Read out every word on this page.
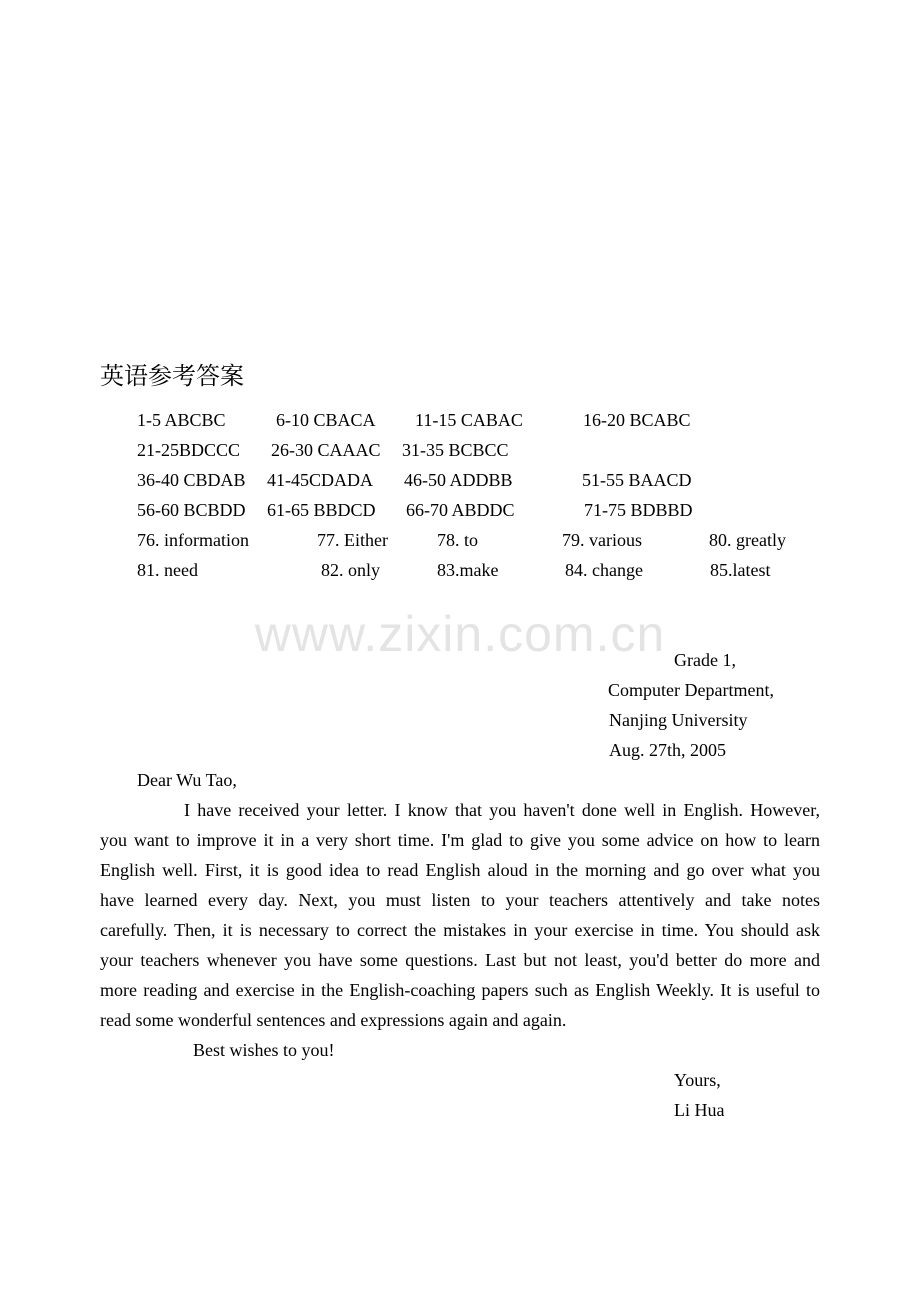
英语参考答案
1-5 ABCBC	6-10 CBACA 11-15 CABAC	16-20 BCABC
21-25BDCCC 26-30 CAAAC 31-35 BCBCC
36-40 CBDAB 41-45CDADA 46-50 ADDBB	51-55 BAACD
56-60 BCBDD 61-65 BBDCD 66-70 ABDDC	71-75 BDBBD
76. information	77. Either	78. to	79. various	80. greatly
81. need	82. only	83.make	84. change	85.latest
www.zixin.com.cn Grade 1,
Computer Department,
Nanjing University
Aug. 27th, 2005
Dear Wu Tao,
I have received your letter. I know that you haven't done well in English. However,
you want to improve it in a very short time. I'm glad to give you some advice on how to learn
English well. First, it is good idea to read English aloud in the morning and go over what you
have learned every day. Next, you must listen to your teachers attentively and take notes
carefully. Then, it is necessary to correct the mistakes in your exercise in time. You should ask
your teachers whenever you have some questions. Last but not least, you'd better do more and
more reading and exercise in the English-coaching papers such as English Weekly. It is useful to
read some wonderful sentences and expressions again and again.
Best wishes to you!
Yours,
Li Hua
